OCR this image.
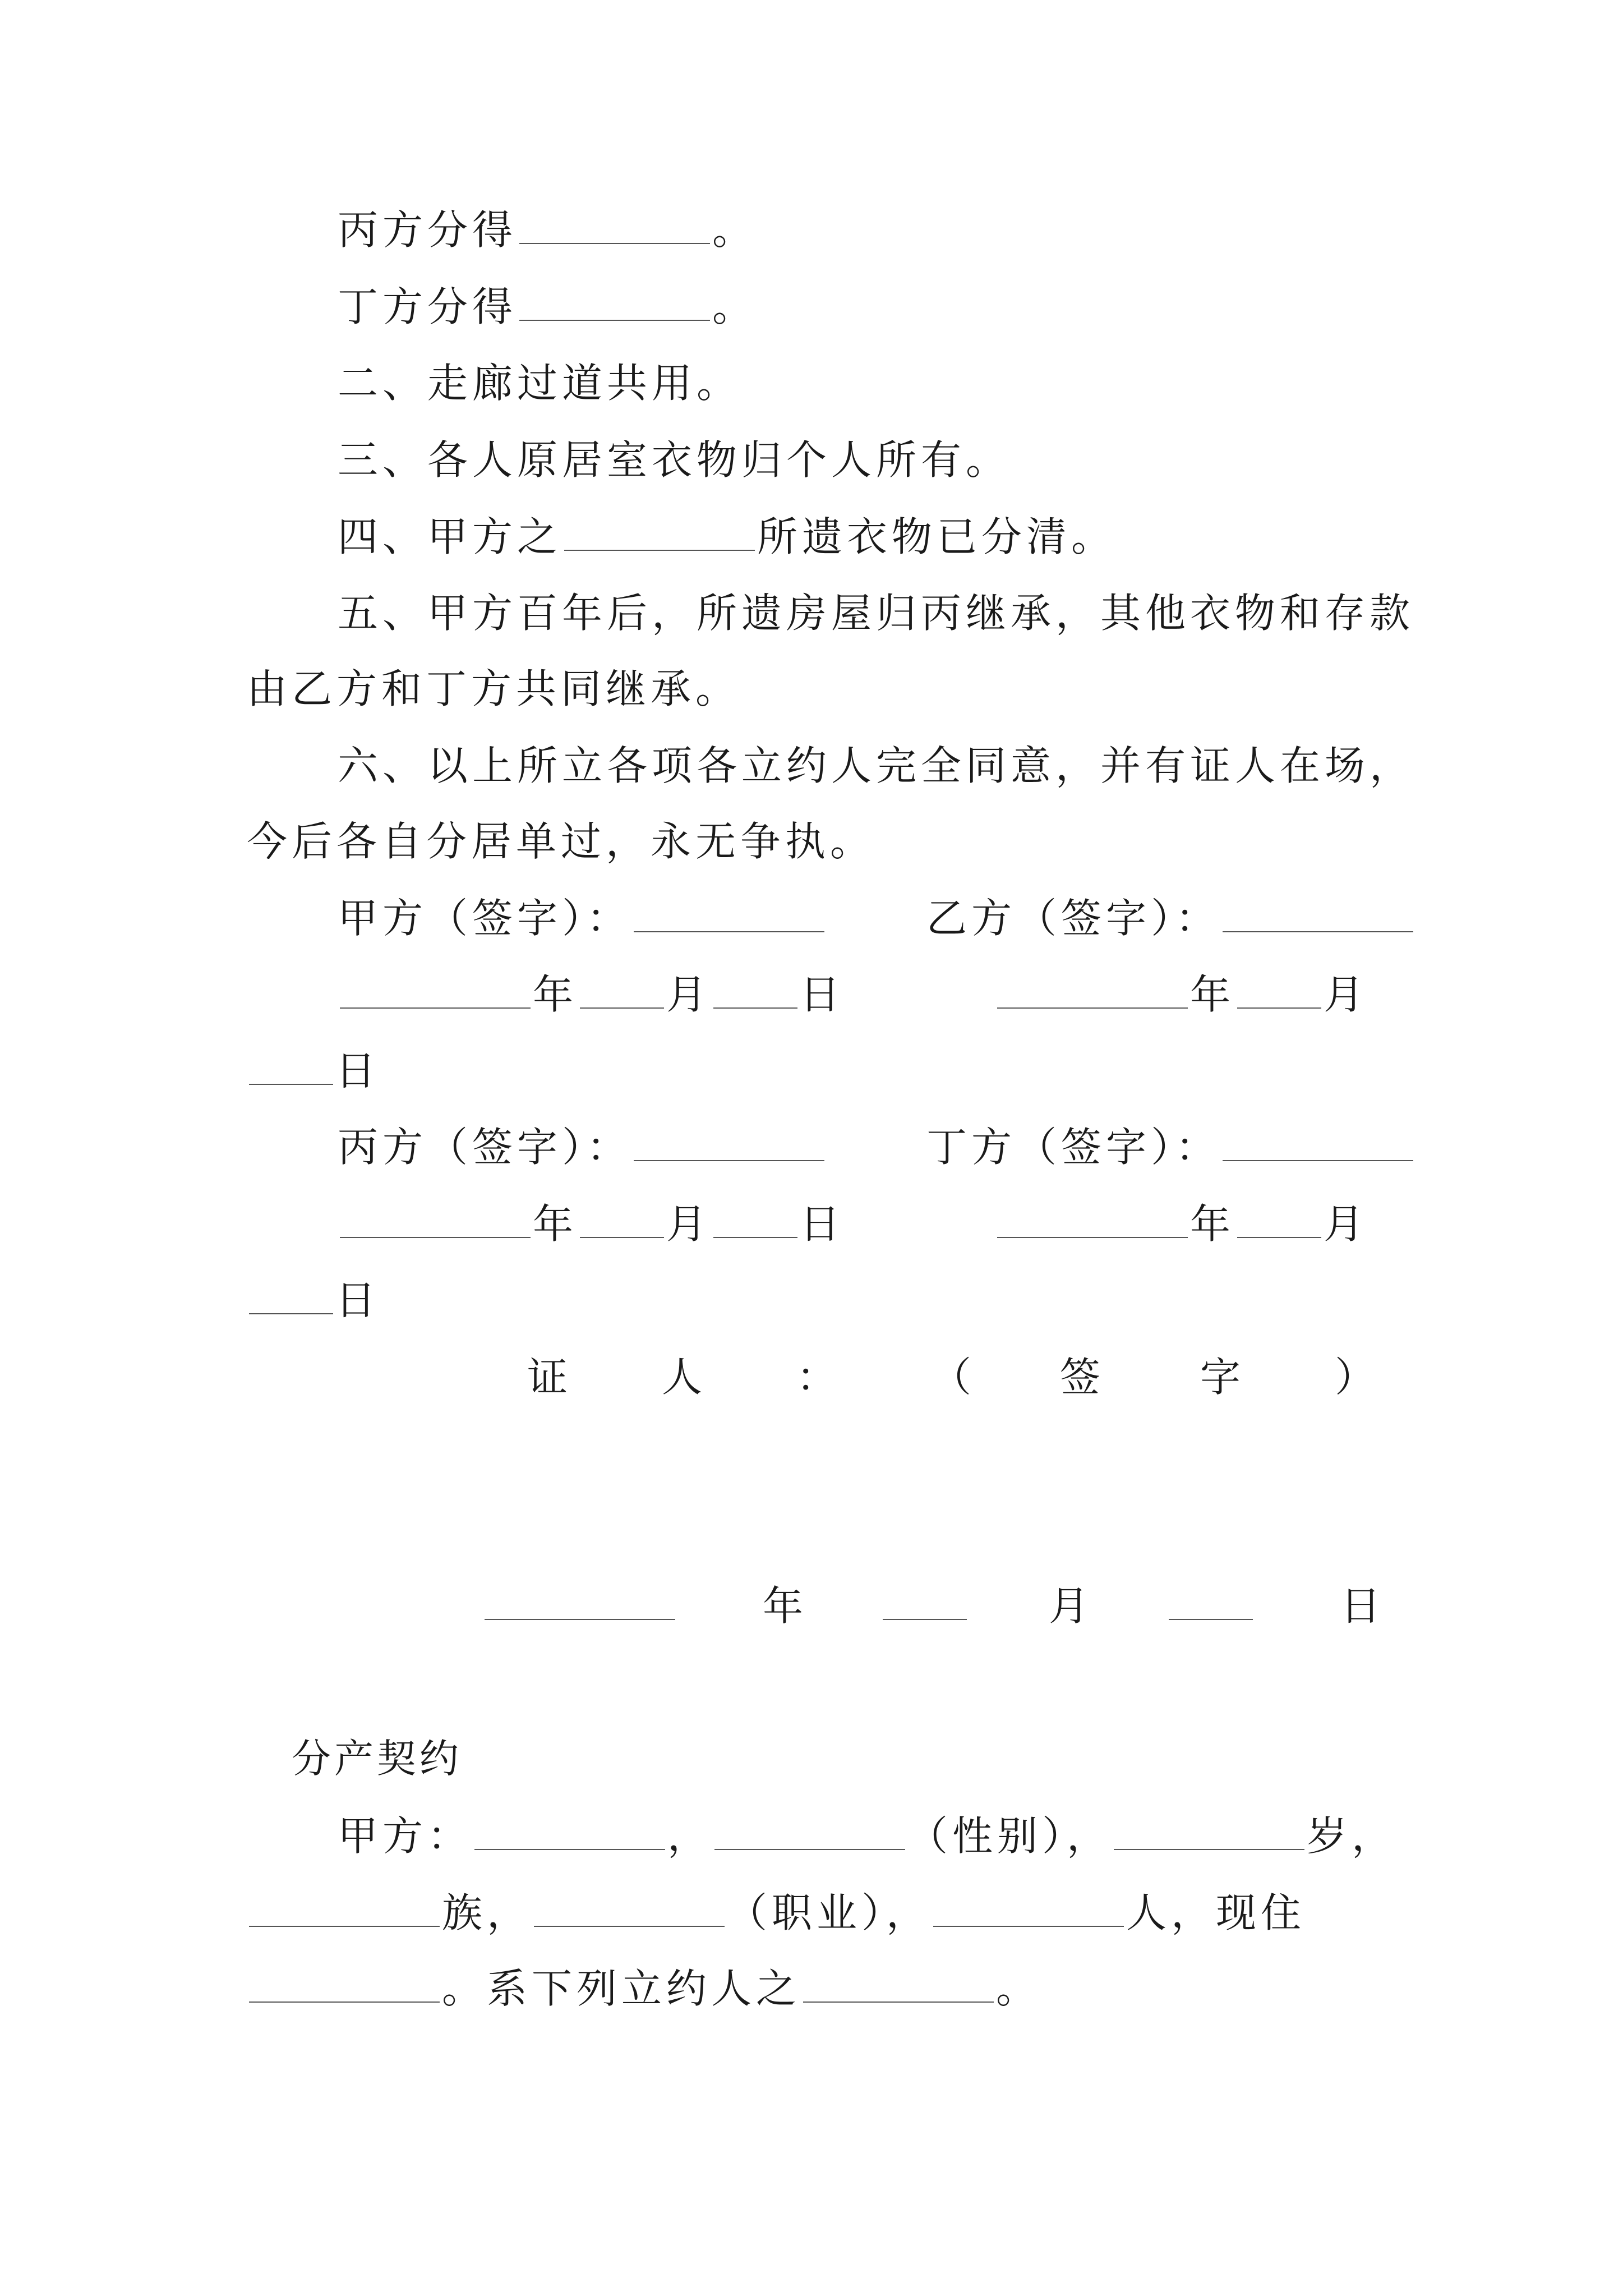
丙方分得	。
丁方分得	。
二、走廊过道共用。
三、各人原居室衣物归个人所有。
四、甲方之	所遗衣物已分清。
五、甲方百年后，所遗房屋归丙继承，其他衣物和存款
由乙方和丁方共同继承。
六、以上所立各项各立约人完全同意，并有证人在场，
今后各自分居单过，永无争执。
甲方（签字）：	乙方（签字）：
年 月 日	年 月
日
丙方（签字）：	丁方（签字）：
年 月 日	年 月
日
证 人 ： （ 签 字 ）
年	月	日
分产契约
甲方：	，	（性别），	岁，
族，	（职业），	人，现住
。系下列立约人之	。
